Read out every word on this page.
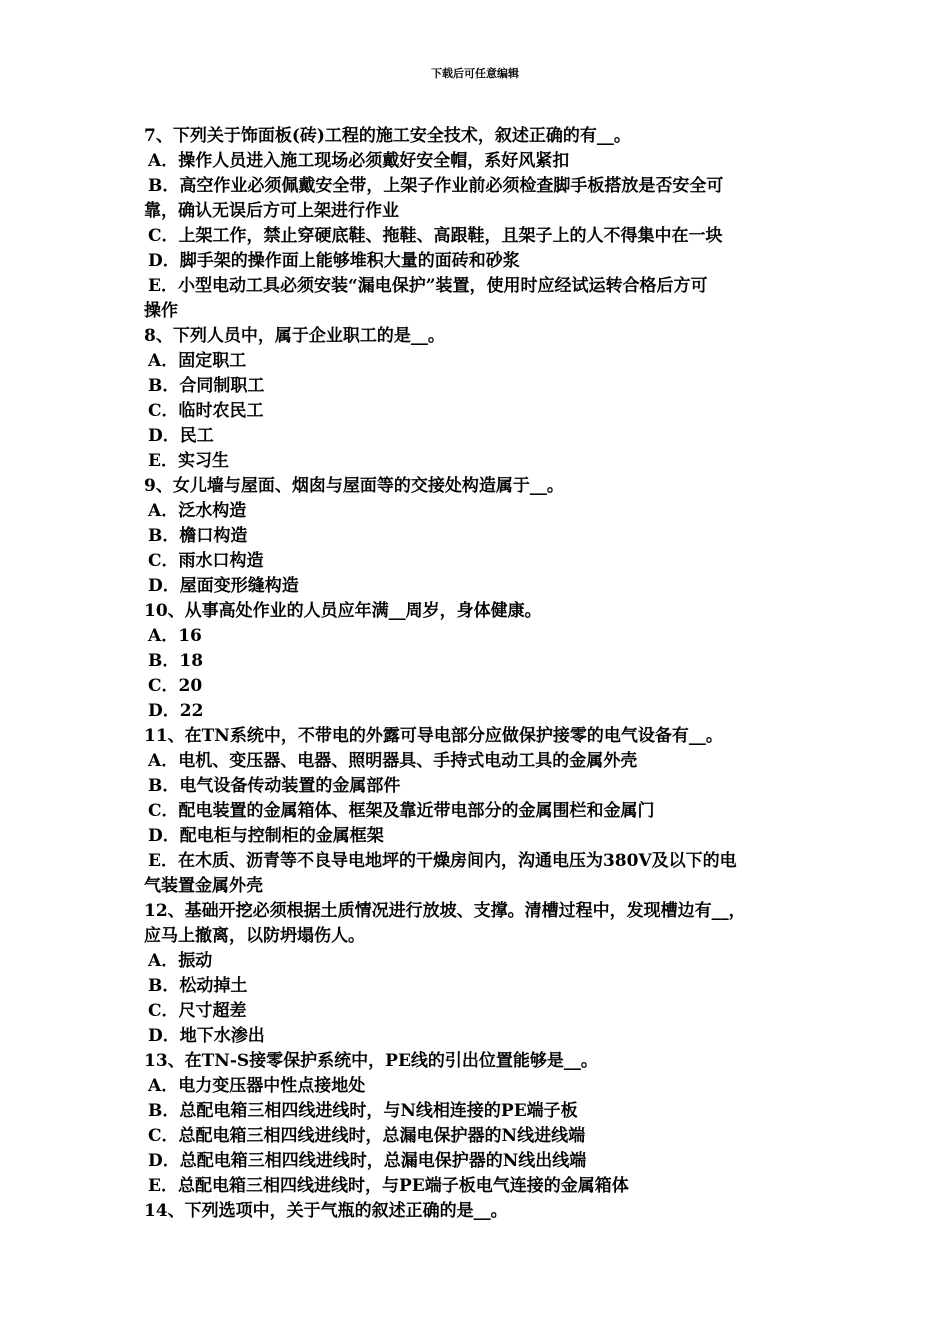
下载后可任意编辑
7、下列关于饰面板(砖)工程的施工安全技术，叙述正确的有__。
A．操作人员进入施工现场必须戴好安全帽，系好风紧扣
B．高空作业必须佩戴安全带，上架子作业前必须检查脚手板搭放是否安全可
靠，确认无误后方可上架进行作业
C．上架工作，禁止穿硬底鞋、拖鞋、高跟鞋，且架子上的人不得集中在一块
D．脚手架的操作面上能够堆积大量的面砖和砂浆
E．小型电动工具必须安装“漏电保护”装置，使用时应经试运转合格后方可
操作
8、下列人员中，属于企业职工的是__。
A．固定职工
B．合同制职工
C．临时农民工
D．民工
E．实习生
9、女儿墙与屋面、烟囱与屋面等的交接处构造属于__。
A．泛水构造
B．檐口构造
C．雨水口构造
D．屋面变形缝构造
10、从事高处作业的人员应年满__周岁，身体健康。
A．16
B．18
C．20
D．22
11、在TN系统中，不带电的外露可导电部分应做保护接零的电气设备有__。
A．电机、变压器、电器、照明器具、手持式电动工具的金属外壳
B．电气设备传动装置的金属部件
C．配电装置的金属箱体、框架及靠近带电部分的金属围栏和金属门
D．配电柜与控制柜的金属框架
E．在木质、沥青等不良导电地坪的干燥房间内，沟通电压为380V及以下的电
气装置金属外壳
12、基础开挖必须根据土质情况进行放坡、支撑。清槽过程中，发现槽边有__，
应马上撤离，以防坍塌伤人。
A．振动
B．松动掉土
C．尺寸超差
D．地下水渗出
13、在TN-S接零保护系统中，PE线的引出位置能够是__。
A．电力变压器中性点接地处
B．总配电箱三相四线进线时，与N线相连接的PE端子板
C．总配电箱三相四线进线时，总漏电保护器的N线进线端
D．总配电箱三相四线进线时，总漏电保护器的N线出线端
E．总配电箱三相四线进线时，与PE端子板电气连接的金属箱体
14、下列选项中，关于气瓶的叙述正确的是__。
